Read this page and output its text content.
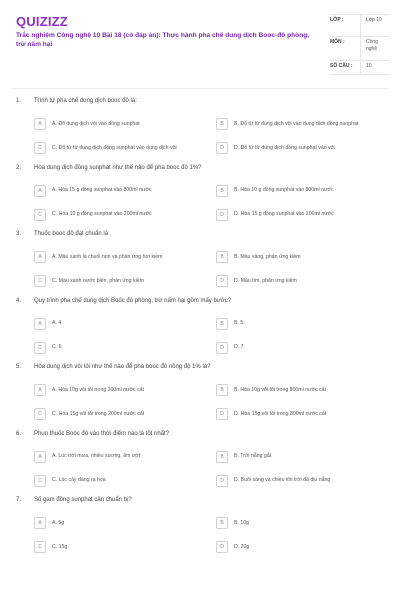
QUIZIZZ
Trắc nghiệm Công nghệ 10 Bài 18 (có đáp án): Thực hành pha chế dung dịch Booc-đô phòng, trừ nấm hại
LỚP :	Lớp 10
MÔN :	Công nghệ
SỐ CÂU :	10
1.	Trình tự pha chế dung dịch booc đô là:
A	A. Đổ dung dịch vôi vào đồng sunphat	B	B. Đổ từ từ dung dịch vôi vào dung dịch đồng sunphat
C	C. Đổ từ từ dung dịch đồng sunphat vào dung dịch vôi	D	D. Đổ từ từ dung dịch đồng sunphat vào vôi
2.	Hòa dung dịch đồng sunphat như thế nào để pha booc đô 1%?
A	A. Hòa 15 g đồng sunphat vào 800ml nước	B	B. Hòa 10 g đồng sunphat vào 800ml nước
C	C. Hòa 10 g đồng sunphat vào 200ml nước	D	D. Hòa 15 g đồng sunphat vào 200ml nước
3.	Thuốc booc đô đạt chuẩn là
A	A. Màu xanh lá chuối non và phản ứng hơi kiềm	B	B. Màu vàng, phản ứng kiềm
C	C. Màu xanh nước biển, phản ứng kiềm	D	D. Màu tím, phản ứng kiềm
4.	Quy trình pha chế dung dịch Boóc đô phòng, trừ nấm hại gồm mấy bước?
A	A. 4	B	B. 5
C	C. 6	D	D. 7
5.	Hòa dung dịch vôi tôi như thế nào để pha booc đô nồng độ 1% là?
A	A. Hòa 10g vôi tôi trong 200ml nước cất	B	B. Hòa 10g vôi tôi trong 800ml nước cất
C	C. Hòa 15g vôi tôi trong 200ml nước cất	D	D. Hòa 15g vôi tôi trong 800ml nước cất
6.	Phun thuốc Boóc đô vào thời điểm nào là tốt nhất?
A	A. Lúc trời mưa, nhiều sương, ẩm ướt	B	B. Trời nắng gắt
C	C. Lúc cây đang ra hoa	D	D. Buổi sáng và chiều khi trời đã dịu nắng
7.	Số gam đồng sunphat cần chuẩn bị?
A	A. 5g	B	B. 10g
C	C. 15g	D	D. 20g
